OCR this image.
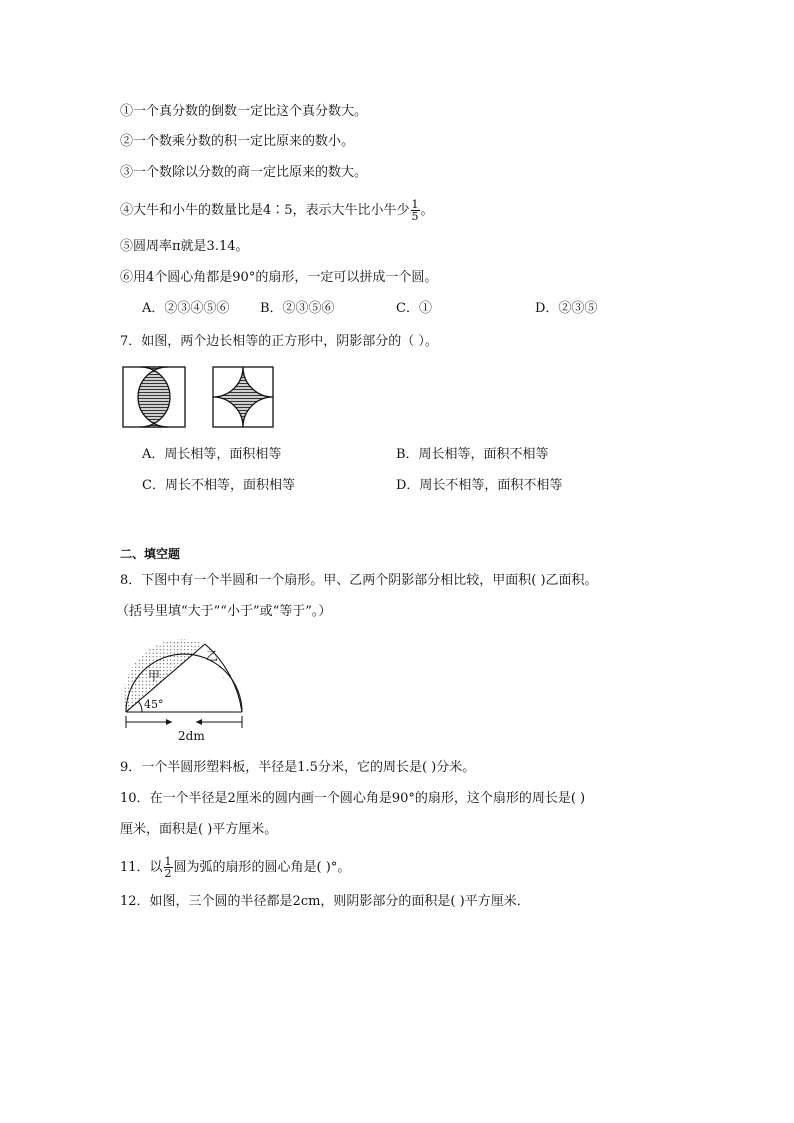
①一个真分数的倒数一定比这个真分数大。
②一个数乘分数的积一定比原来的数小。
③一个数除以分数的商一定比原来的数大。
④大牛和小牛的数量比是4∶5，表示大牛比小牛少 $\frac{1}{5}$ 。
⑤圆周率π就是3.14。
⑥用4个圆心角都是90°的扇形，一定可以拼成一个圆。
A．②③④⑤⑥ B．②③⑤⑥	C．①	D．②③⑤
7．如图，两个边长相等的正方形中，阴影部分的（ ）。
A．周长相等，面积相等	B．周长相等，面积不相等
C．周长不相等，面积相等	D．周长不相等，面积不相等
二、填空题
8．下图中有一个半圆和一个扇形。甲、乙两个阴影部分相比较，甲面积( )乙面积。
（括号里填“大于”“小于”或“等于”。）
甲
乙
45°
2dm
9．一个半圆形塑料板，半径是1.5分米，它的周长是( )分米。
10．在一个半径是2厘米的圆内画一个圆心角是90°的扇形，这个扇形的周长是( )
厘米，面积是( )平方厘米。
11．以 $\frac{1}{2}$ 圆为弧的扇形的圆心角是( )°。
12．如图，三个圆的半径都是2cm，则阴影部分的面积是( )平方厘米．
